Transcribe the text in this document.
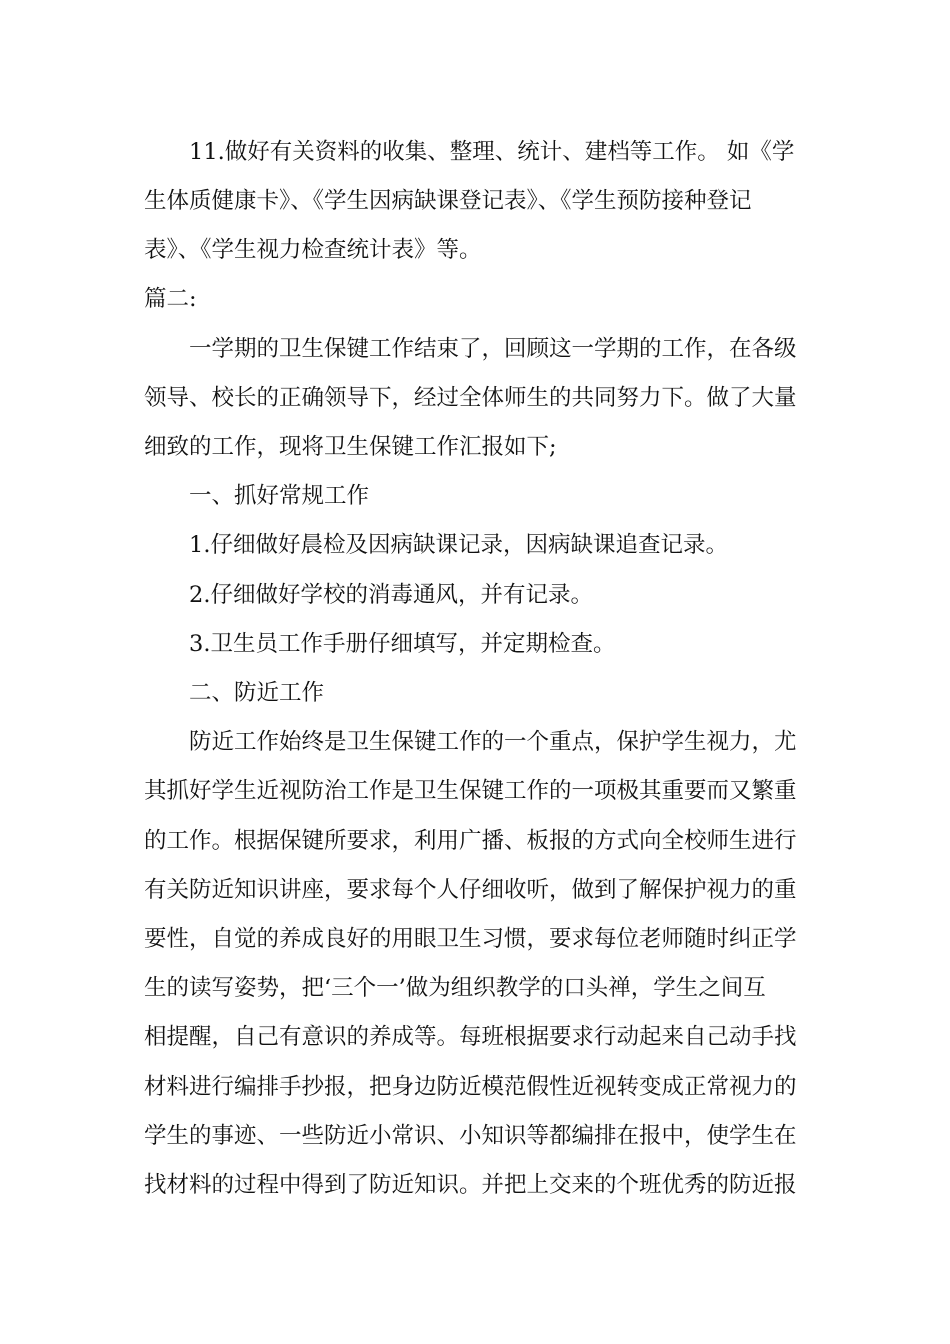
11.做好有关资料的收集、整理、统计、建档等工作。 如《学
生体质健康卡》、《学生因病缺课登记表》、《学生预防接种登记
表》、《学生视力检查统计表》等。
篇二:
一学期的卫生保键工作结束了，回顾这一学期的工作，在各级
领导、校长的正确领导下，经过全体师生的共同努力下。做了大量
细致的工作，现将卫生保键工作汇报如下;
一、抓好常规工作
1.仔细做好晨检及因病缺课记录，因病缺课追查记录。
2.仔细做好学校的消毒通风，并有记录。
3.卫生员工作手册仔细填写，并定期检查。
二、防近工作
防近工作始终是卫生保键工作的一个重点，保护学生视力，尤
其抓好学生近视防治工作是卫生保键工作的一项极其重要而又繁重
的工作。根据保键所要求，利用广播、板报的方式向全校师生进行
有关防近知识讲座，要求每个人仔细收听，做到了解保护视力的重
要性，自觉的养成良好的用眼卫生习惯，要求每位老师随时纠正学
生的读写姿势，把‘三个一’做为组织教学的口头禅，学生之间互
相提醒，自己有意识的养成等。每班根据要求行动起来自己动手找
材料进行编排手抄报，把身边防近模范假性近视转变成正常视力的
学生的事迹、一些防近小常识、小知识等都编排在报中，使学生在
找材料的过程中得到了防近知识。并把上交来的个班优秀的防近报
